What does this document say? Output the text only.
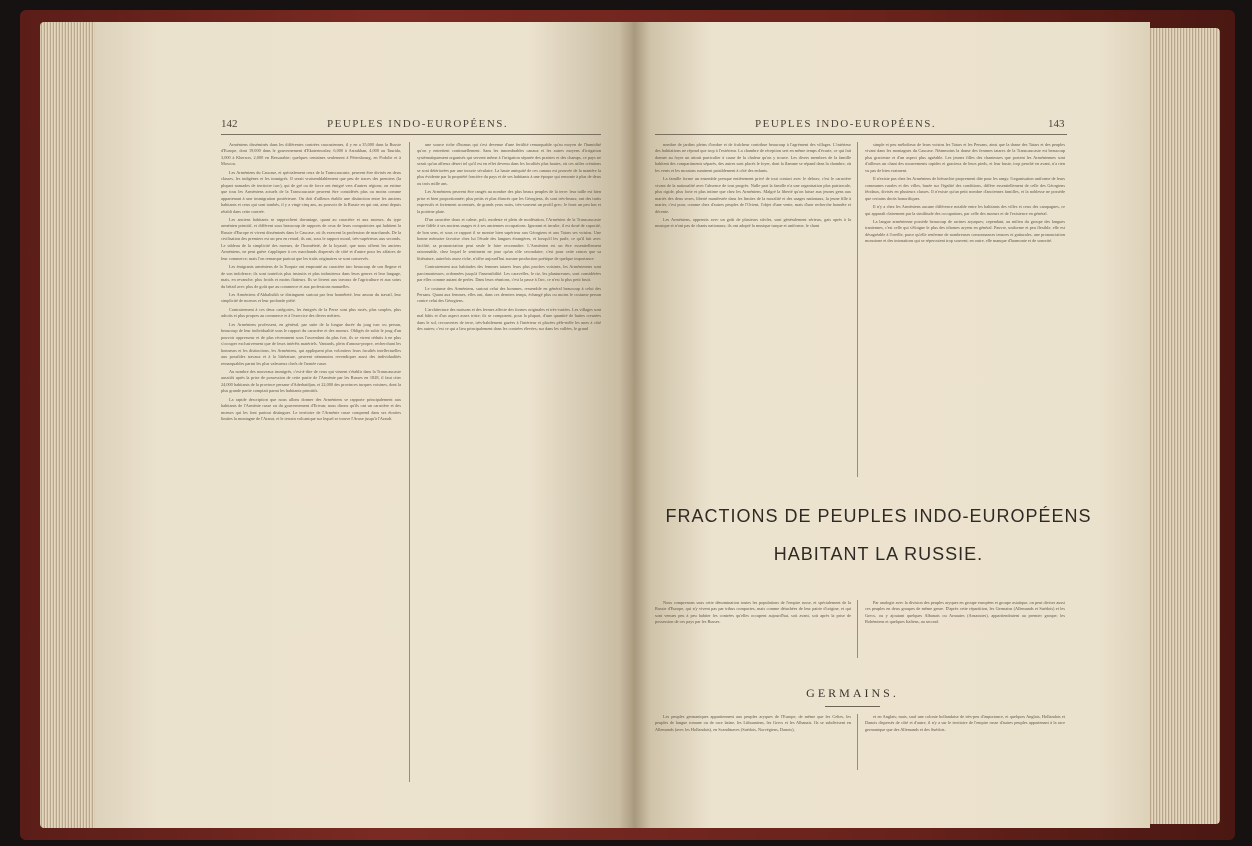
142	PEUPLES INDO-EUROPÉENS.

Arméniens disséminés dans les différentes contrées caucasiennes, il y en a 35,000 dans la Russie d'Europe, dont 19,000 dans le gouvernement d'Ekaterinoslav, 6,000 à Astrakhan, 4,000 au Taurida, 3,000 à Kherson, 2,000 en Bessarabie; quelques centaines seulement à Pétersbourg, en Podolie et à Moscou.

Les Arméniens du Caucase, et spécialement ceux de la Transcaucasie, peuvent être divisés en deux classes, les indigènes et les immigrés. Il serait vraisemblablement que peu de traces des premiers (la plupart nomades de territoire turc), qui de gré ou de force ont émigré vers d'autres régions; on estime que tous les Arméniens actuels de la Transcaucasie peuvent être considérés plus ou moins comme appartenant à une immigration postérieure. On doit d'ailleurs établir une distinction entre les anciens habitants et ceux qui sont tombés, il y a vingt-cinq ans, au pouvoir de la Russie en qui ont, ainsi depuis rétabli dans cette contrée.

Les anciens habitants se rapprochent davantage, quant au caractère et aux moeurs, du type arménien primitif, et diffèrent sous beaucoup de rapports de ceux de leurs compatriotes qui habitent la Russie d'Europe et vivent disséminés dans le Caucase, où ils exercent la profession de marchands. De la civilisation des premiers est un peu en retard; ils ont, sous le rapport moral, très-supérieurs aux seconds. Le tableau de la simplicité des moeurs, de l'honnêteté, de la loyauté, que nous offrent les anciens Arméniens, ne peut guère s'appliquer à ces marchands dispersés de côté et d'autre pour les affaires de leur commerce; mais l'on remarque partout que les traits originaires se sont conservés.

Les émigrants arméniens de la Turquie ont emprunté au caractère turc beaucoup de son flegme et de son indolence; ils sont toutefois plus instruits et plus industrieux dans leurs genres et leur langage, mais, en revanche, plus froids et moins flatteurs. Ils se livrent aux travaux de l'agriculture et aux soins du bétail avec plus de goût que au commerce et aux professions manuelles.

Les Arméniens d'Akhaltsikh se distinguent surtout par leur honnêteté, leur amour du travail, leur simplicité de moeurs et leur profonde piété.

Contrairement à ces deux catégories, les émigrés de la Perse sont plus rusés, plus souples, plus adroits et plus propres au commerce et à l'exercice des divers métiers.

Les Arméniens professent, en général, par suite de la longue durée du joug turc ou persan, beaucoup de leur individualité sous le rapport du caractère et des moeurs. Obligés de subir le joug d'un pouvoir oppresseur et de plus récemment sous l'ascendant du plus fort, ils se virent réduits à ne plus s'occuper exclusivement que de leurs intérêts matériels. Vantards, plein d'amour-propre, recherchant les honneurs et les distinctions, les Arméniens, qui appliquent plus volontiers leurs facultés intellectuelles aux possibles travaux et à la littérature, peuvent néanmoins revendiquer aussi des individualités remarquables parmi les plus valeureux chefs de l'armée russe.

Au nombre des nouveaux immigrés, c'est-à-dire de ceux qui vinrent s'établir dans la Transcaucasie aussitôt après la prise de possession de cette partie de l'Arménie par les Russes en 1828, il faut citer 24,000 habitants de la province persane d'Aderbaïdjan, et 22,000 des provinces turques voisines, dont la plus grande partie comptait parmi les habitants primitifs.

La rapide description que nous allons donner des Arméniens se rapporte principalement aux habitants de l'Arménie russe ou du gouvernement d'Erivan; nous dirons qu'ils ont un caractère et des moeurs qui les font partout distinguer. Le territoire de l'Arménie russe comprend dans ses étroites limites la montagne de l'Ararat, et le terrain volcanique sur lequel se trouve l'Araxe jusqu'à l'Arasdt.

une source riche d'humus qui s'est devenue d'une fertilité remarquable qu'au moyen de l'humidité qu'on y entretient continuellement. Sans les innombrables canaux et les autres moyens d'irrigation systématiquement organisés qui servent même à l'irrigation séparée des prairies et des champs, ce pays ne serait qu'un affreux désert tel qu'il est en effet devenu dans les localités plus hautes, où ces utiles créations se sont détériorées par une incurie séculaire. La haute antiquité de ces canaux est prouvée de la manière la plus évidente par la propriété foncière du pays et de ses habitants à une époque qui remonte à plus de deux ou trois mille ans.

Les Arméniens peuvent être rangés au nombre des plus beaux peuples de la terre: leur taille est bien prise et bien proportionnée; plus petits et plus élancés que les Géorgiens, ils sont très-beaux; ont des traits expressifs et fortement accentués, de grands yeux noirs, très-souvent un profil grec; le front un peu bas et la poitrine plate.

D'un caractère doux et calme, poli, modeste et plein de modération, l'Arménien de la Transcaucasie reste fidèle à ses anciens usages et à ses anciennes occupations. Ignorant et inculte, il est doué de capacité, de bon sens, et sous ce rapport il se montre bien supérieur aux Géorgiens et aux Tatars ses voisins. Une bonne mémoire favorise chez lui l'étude des langues étrangères, et lorsqu'il les parle, ce qu'il fait avec facilité, sa prononciation peut seule le faire reconnaître. L'Arménien est un être essentiellement raisonnable, chez lequel le sentiment ne joue qu'un rôle secondaire; c'est pour cette raison que sa littérature, autrefois assez riche, n'offre aujourd'hui aucune production poétique de quelque importance.

Contrairement aux habitudes des femmes tatares leurs plus proches voisines, les Arméniennes sont parcimonieuses, ordonnées jusqu'à l'insensibilité. Les caravelles, le riz, les plantureuses, sont considérées par elles comme autant de perles. Dans leurs réunions, c'est la passe à l'arc, ce n'est la plus petit bruit.

Le costume des Arméniens, surtout celui des hommes, ressemble en général beaucoup à celui des Persans. Quant aux femmes, elles ont, dans ces derniers temps, échangé plus ou moins le costume persan contre celui des Géorgiens.

L'architecture des maisons et des fermes affecte des formes originales et très-variées. Les villages sont mal bâtis et d'un aspect assez triste; ils se composent, pour la plupart, d'une quantité de huttes creusées dans le sol, recouvertes de terre, très-habilement gazées à l'intérieur et placées pêle-mêle les unes à côté des autres; c'est ce qui a lieu principalement dans les contrées élevées; sur dans les vallées, le grand

PEUPLES INDO-EUROPÉENS.	143

nombre de jardins pleins d'ombre et de fraîcheur contribue beaucoup à l'agrément des villages. L'intérieur des habitations ne répond que trop à l'extérieur. La chambre de réception sert en même temps d'écurie, ce qui fait donner au foyer un attrait particulier à cause de la chaleur qu'on y trouve. Les divers membres de la famille habitent des compartiments séparés, des autres sont placés le foyer, dont la flamme se répand dans la chambre, où les vents et les moutons ruminent paisiblement à côté des enfants.

La famille forme un ensemble presque entièrement privé de tout contact avec le dehors; c'est le caractère vivant de la nationalité avec l'absence de tout progrès. Nulle part la famille n'a une organisation plus patriarcale, plus rigide, plus forte et plus intime que chez les Arméniens. Malgré la liberté qu'on laisse aux jeunes gens aux mariés des deux sexes, liberté manifestée dans les limites de la moralité et des usages nationaux, la jeune fille à marier, c'est pour, comme chez d'autres peuples de l'Orient, l'objet d'une vente, mais d'une recherche honnête et décente.

Les Arméniens, apprentis avec un goût de plusieurs siècles, sont généralement sérieux, gais après à la musique et n'ont pas de chants nationaux; ils ont adopté la musique turque et uniforme, le chant

simple et peu mélodieux de leurs voisins les Tatars et les Persans, ainsi que la danse des Tatars et des peuples vivant dans les montagnes du Caucase. Néanmoins la danse des femmes tatares de la Transcaucasie est beaucoup plus gracieuse et d'un aspect plus agréable. Les jeunes filles des chanteuses que portent les Arméniennes sont d'ailleurs un chant des mouvements rapides et gracieux de leurs pieds, et leur buste, trop penché en avant, n'a rien vu pas de bien vraiment.

Il n'existe pas chez les Arméniens de hiérarchie proprement dite pour les rangs: l'organisation uniforme de leurs communes rurales et des villes, basée sur l'égalité des conditions, diffère essentiellement de celle des Géorgiens féodaux, divisés en plusieurs classes. Il n'existe qu'un petit nombre d'anciennes familles, et la noblesse ne possède que certains droits honorifiques.

Il n'y a chez les Arméniens aucune différence notable entre les habitants des villes et ceux des campagnes, ce qui apparaît clairement par la similitude des occupations, par celle des moeurs et de l'existence en général.

La langue arménienne possède beaucoup de racines aryaques; cependant, au milieu du groupe des langues iraniennes, c'est celle qui s'éloigne le plus des idiomes aryens en général. Pauvre, uniforme et peu flexible, elle est désagréable à l'oreille, parce qu'elle renferme de nombreuses consonnances tenaces et gutturales, une prononciation monotone et des intonations qui se répercutent trop souvent; en outre, elle manque d'harmonie et de sonorité.

FRACTIONS DE PEUPLES INDO-EUROPÉENS
HABITANT LA RUSSIE.

Nous comprenons sous cette dénomination toutes les populations de l'empire russe, et spécialement de la Russie d'Europe, qui n'y vivent pas par tribus compactes, mais comme détachées de leur patrie d'origine, et qui sont venues peu à peu habiter les contrées qu'elles occupent aujourd'hui, soit avant, soit après la prise de possession de ces pays par les Russes.

Par analogie avec la division des peuples aryques en groupe européen et groupe asiatique, on peut diviser aussi ces peuples en deux groupes de même genre. D'après cette répartition, les Germains (Allemands et Suédois) et les Grecs, ou y ajoutant quelques Albanais ou Arnautes (Arnaoutes), appartiendraient au premier groupe; les Bohémiens et quelques Italiens, au second.

GERMAINS.

Les peuples germaniques appartiennent aux peuples aryques de l'Europe, de même que les Celtes, les peuples de langue romane ou de race latine, les Lithuaniens, les Grecs et les Albanais. Ils se subdivisent en Allemands (avec les Hollandais), en Scandinaves (Suédois, Norvégiens, Danois),

et en Anglais; mais, sauf une colonie hollandaise de très-peu d'importance, et quelques Anglais, Hollandais et Danois dispersés de côté et d'autre, il n'y a sur le territoire de l'empire russe d'autres peuples appartenant à la race germanique que des Allemands et des Suédois.
